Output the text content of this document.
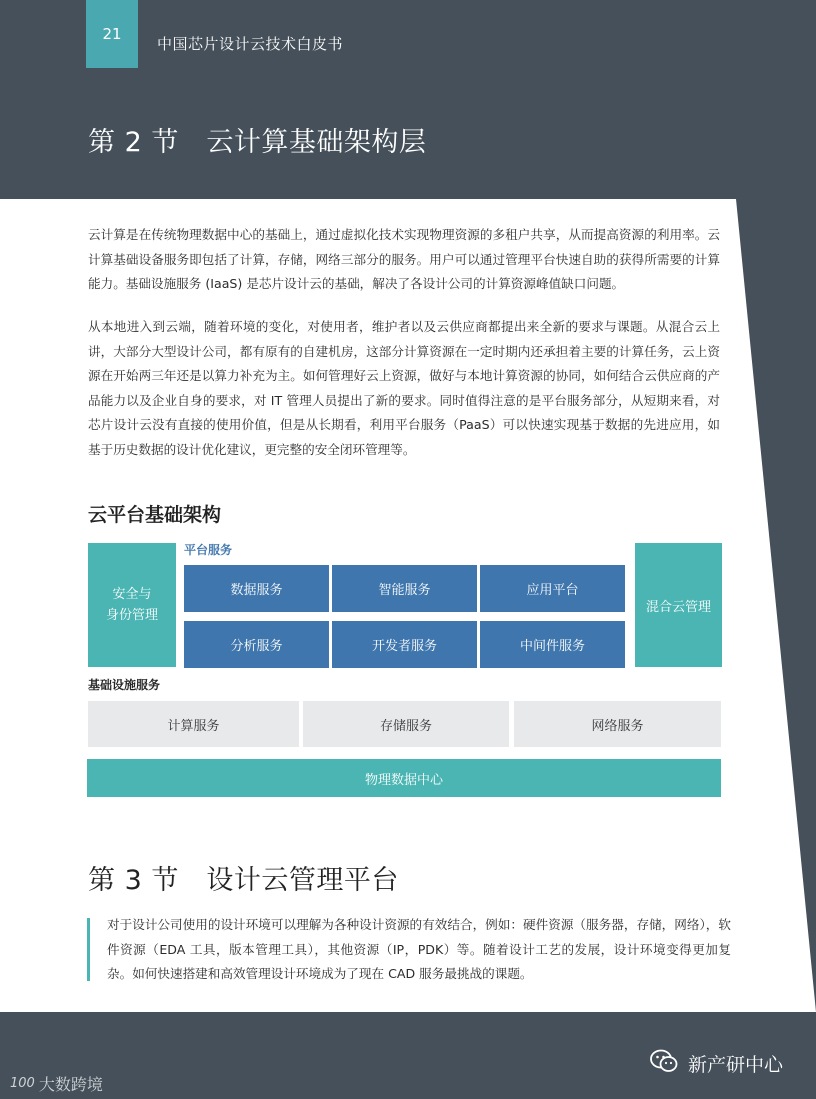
21
中国芯片设计云技术白皮书
第 2 节　云计算基础架构层

云计算是在传统物理数据中心的基础上，通过虚拟化技术实现物理资源的多租户共享，从而提高资源的利用率。云计算基础设备服务即包括了计算，存储，网络三部分的服务。用户可以通过管理平台快速自助的获得所需要的计算能力。基础设施服务 (IaaS) 是芯片设计云的基础，解决了各设计公司的计算资源峰值缺口问题。

从本地进入到云端，随着环境的变化，对使用者，维护者以及云供应商都提出来全新的要求与课题。从混合云上讲，大部分大型设计公司，都有原有的自建机房，这部分计算资源在一定时期内还承担着主要的计算任务，云上资源在开始两三年还是以算力补充为主。如何管理好云上资源，做好与本地计算资源的协同，如何结合云供应商的产品能力以及企业自身的要求，对 IT 管理人员提出了新的要求。同时值得注意的是平台服务部分，从短期来看，对芯片设计云没有直接的使用价值，但是从长期看，利用平台服务（PaaS）可以快速实现基于数据的先进应用，如基于历史数据的设计优化建议，更完整的安全闭环管理等。

云平台基础架构
安全与
身份管理
混合云管理
平台服务
数据服务	智能服务	应用平台
分析服务	开发者服务	中间件服务
基础设施服务
计算服务	存储服务	网络服务
物理数据中心
第 3 节　设计云管理平台

对于设计公司使用的设计环境可以理解为各种设计资源的有效结合，例如：硬件资源（服务器，存储，网络），软件资源（EDA 工具，版本管理工具），其他资源（IP，PDK）等。随着设计工艺的发展，设计环境变得更加复杂。如何快速搭建和高效管理设计环境成为了现在 CAD 服务最挑战的课题。

新产研中心
100 大数跨境
